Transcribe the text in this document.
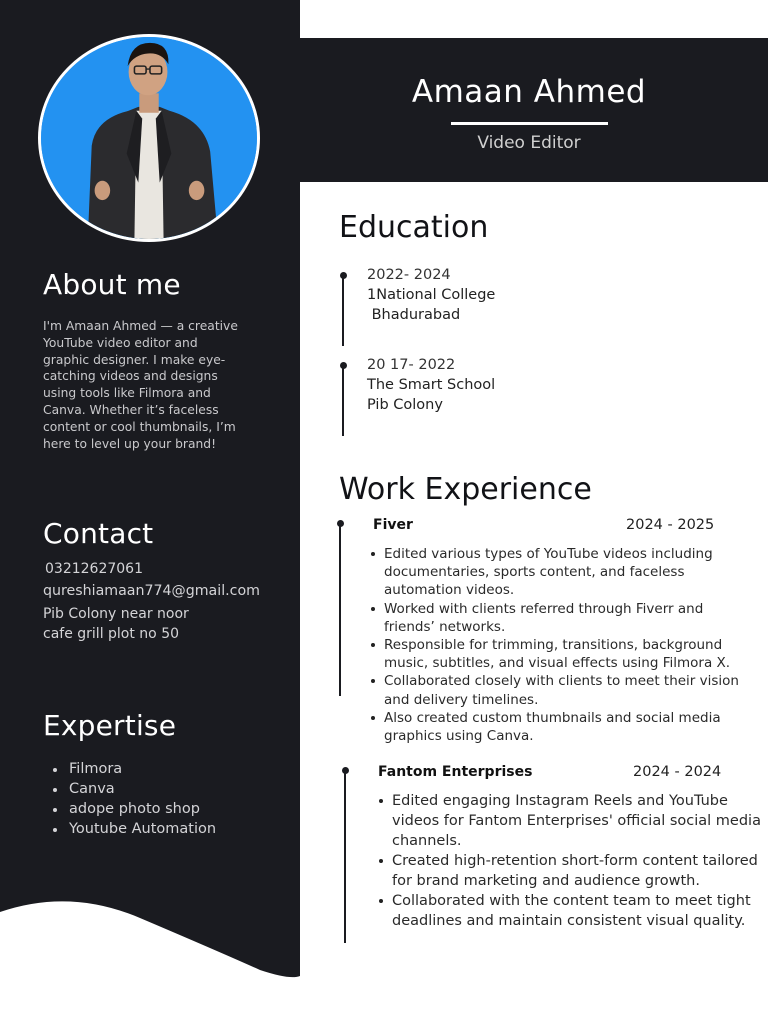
About me

I'm Amaan Ahmed — a creative YouTube video editor and graphic designer. I make eye-catching videos and designs using tools like Filmora and Canva. Whether it’s faceless content or cool thumbnails, I’m here to level up your brand!

Contact
03212627061
qureshiamaan774@gmail.com
Pib Colony near noor cafe grill plot no 50
Expertise
Filmora
Canva
adope photo shop
Youtube Automation
Amaan Ahmed
Video Editor
Education
2022- 2024
1National College
Bhadurabad
20 17- 2022
The Smart School
Pib Colony
Work Experience
Fiver	2024 - 2025
Edited various types of YouTube videos including documentaries, sports content, and faceless automation videos.
Worked with clients referred through Fiverr and friends’ networks.
Responsible for trimming, transitions, background music, subtitles, and visual effects using Filmora X.
Collaborated closely with clients to meet their vision and delivery timelines.
Also created custom thumbnails and social media graphics using Canva.
Fantom Enterprises	2024 - 2024
Edited engaging Instagram Reels and YouTube videos for Fantom Enterprises' official social media channels.
Created high-retention short-form content tailored for brand marketing and audience growth.
Collaborated with the content team to meet tight deadlines and maintain consistent visual quality.
